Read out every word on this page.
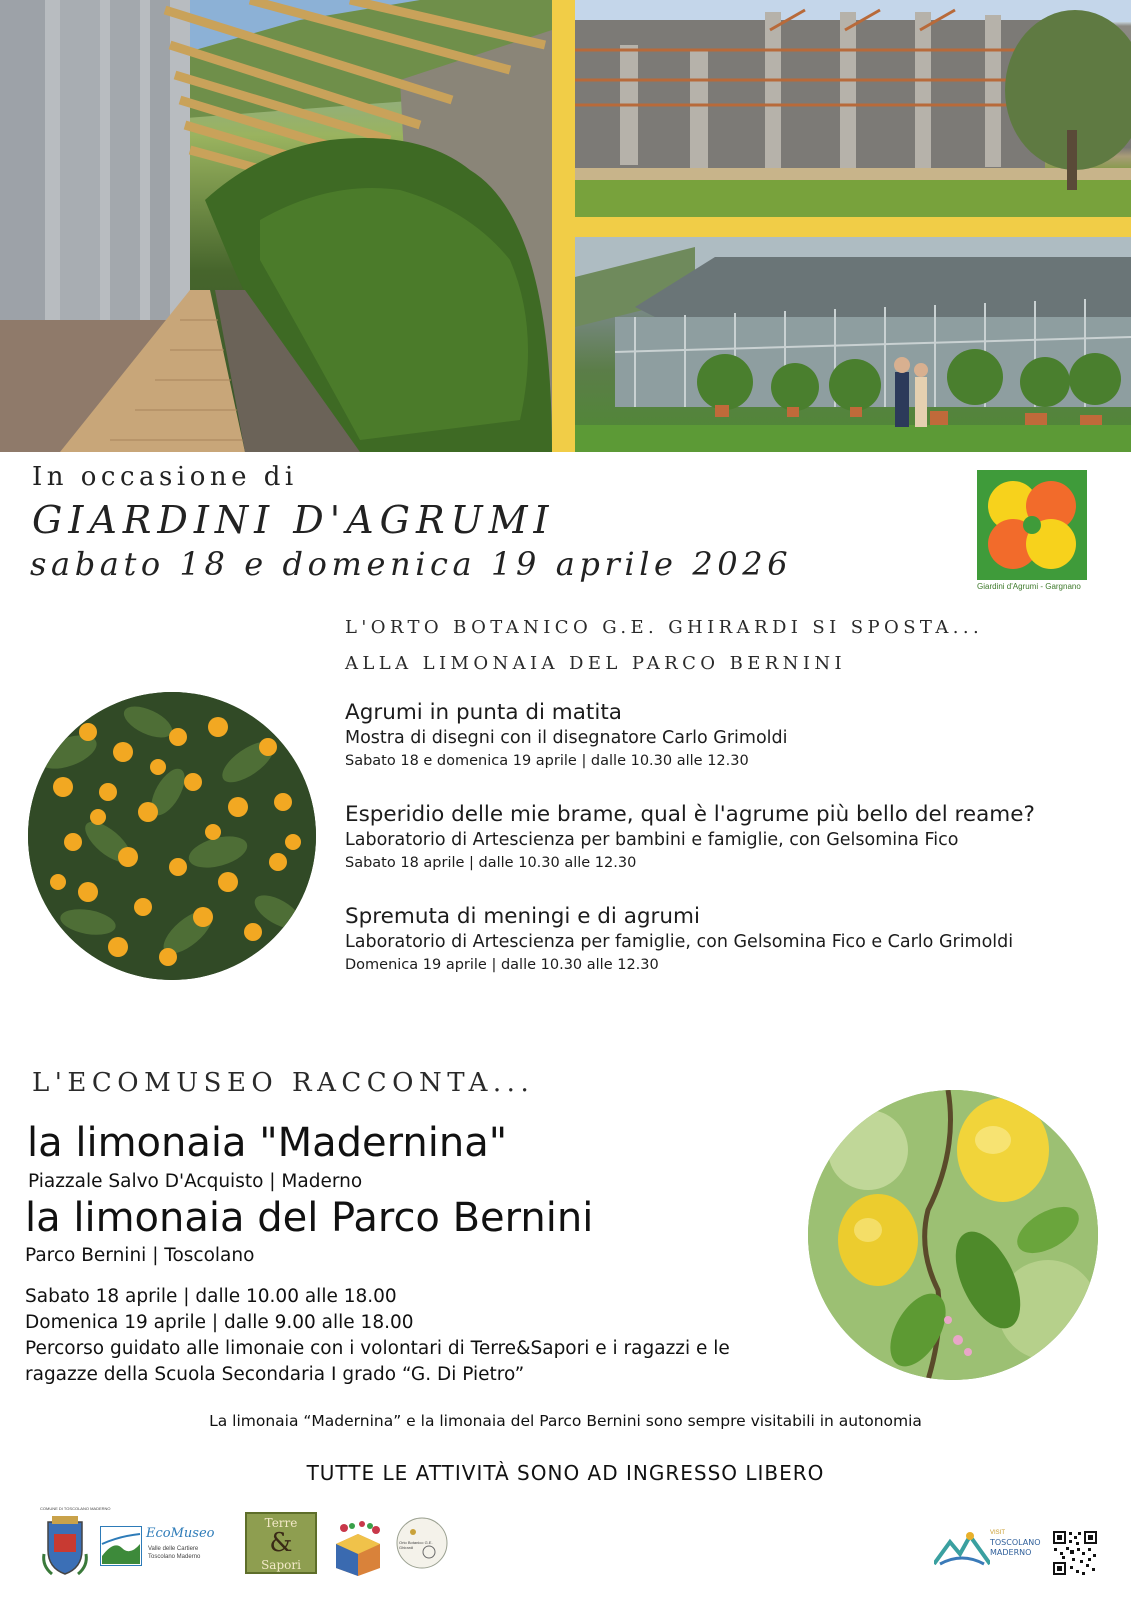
In occasione di
GIARDINI D'AGRUMI
sabato 18 e domenica 19 aprile 2026
Giardini d'Agrumi - Gargnano
L'ORTO BOTANICO G.E. GHIRARDI SI SPOSTA...
ALLA LIMONAIA DEL PARCO BERNINI
Agrumi in punta di matita
Mostra di disegni con il disegnatore Carlo Grimoldi
Sabato 18 e domenica 19 aprile | dalle 10.30 alle 12.30
Esperidio delle mie brame, qual è l'agrume più bello del reame?
Laboratorio di Artescienza per bambini e famiglie, con Gelsomina Fico
Sabato 18 aprile | dalle 10.30 alle 12.30
Spremuta di meningi e di agrumi
Laboratorio di Artescienza per famiglie, con Gelsomina Fico e Carlo Grimoldi
Domenica 19 aprile | dalle 10.30 alle 12.30
L'ECOMUSEO RACCONTA...
la limonaia "Madernina"
Piazzale Salvo D'Acquisto | Maderno
la limonaia del Parco Bernini
Parco Bernini | Toscolano
Sabato 18 aprile | dalle 10.00 alle 18.00
Domenica 19 aprile | dalle 9.00 alle 18.00
Percorso guidato alle limonaie con i volontari di Terre&Sapori e i ragazzi e le
ragazze della Scuola Secondaria I grado “G. Di Pietro”
La limonaia “Madernina” e la limonaia del Parco Bernini sono sempre visitabili in autonomia
TUTTE LE ATTIVITÀ SONO AD INGRESSO LIBERO
COMUNE DI TOSCOLANO MADERNO
EcoMuseo
Valle delle Cartiere
Toscolano Maderno
Terre
&
Sapori
Orto Botanico G.E. Ghirardi
VISIT
TOSCOLANO
MADERNO
